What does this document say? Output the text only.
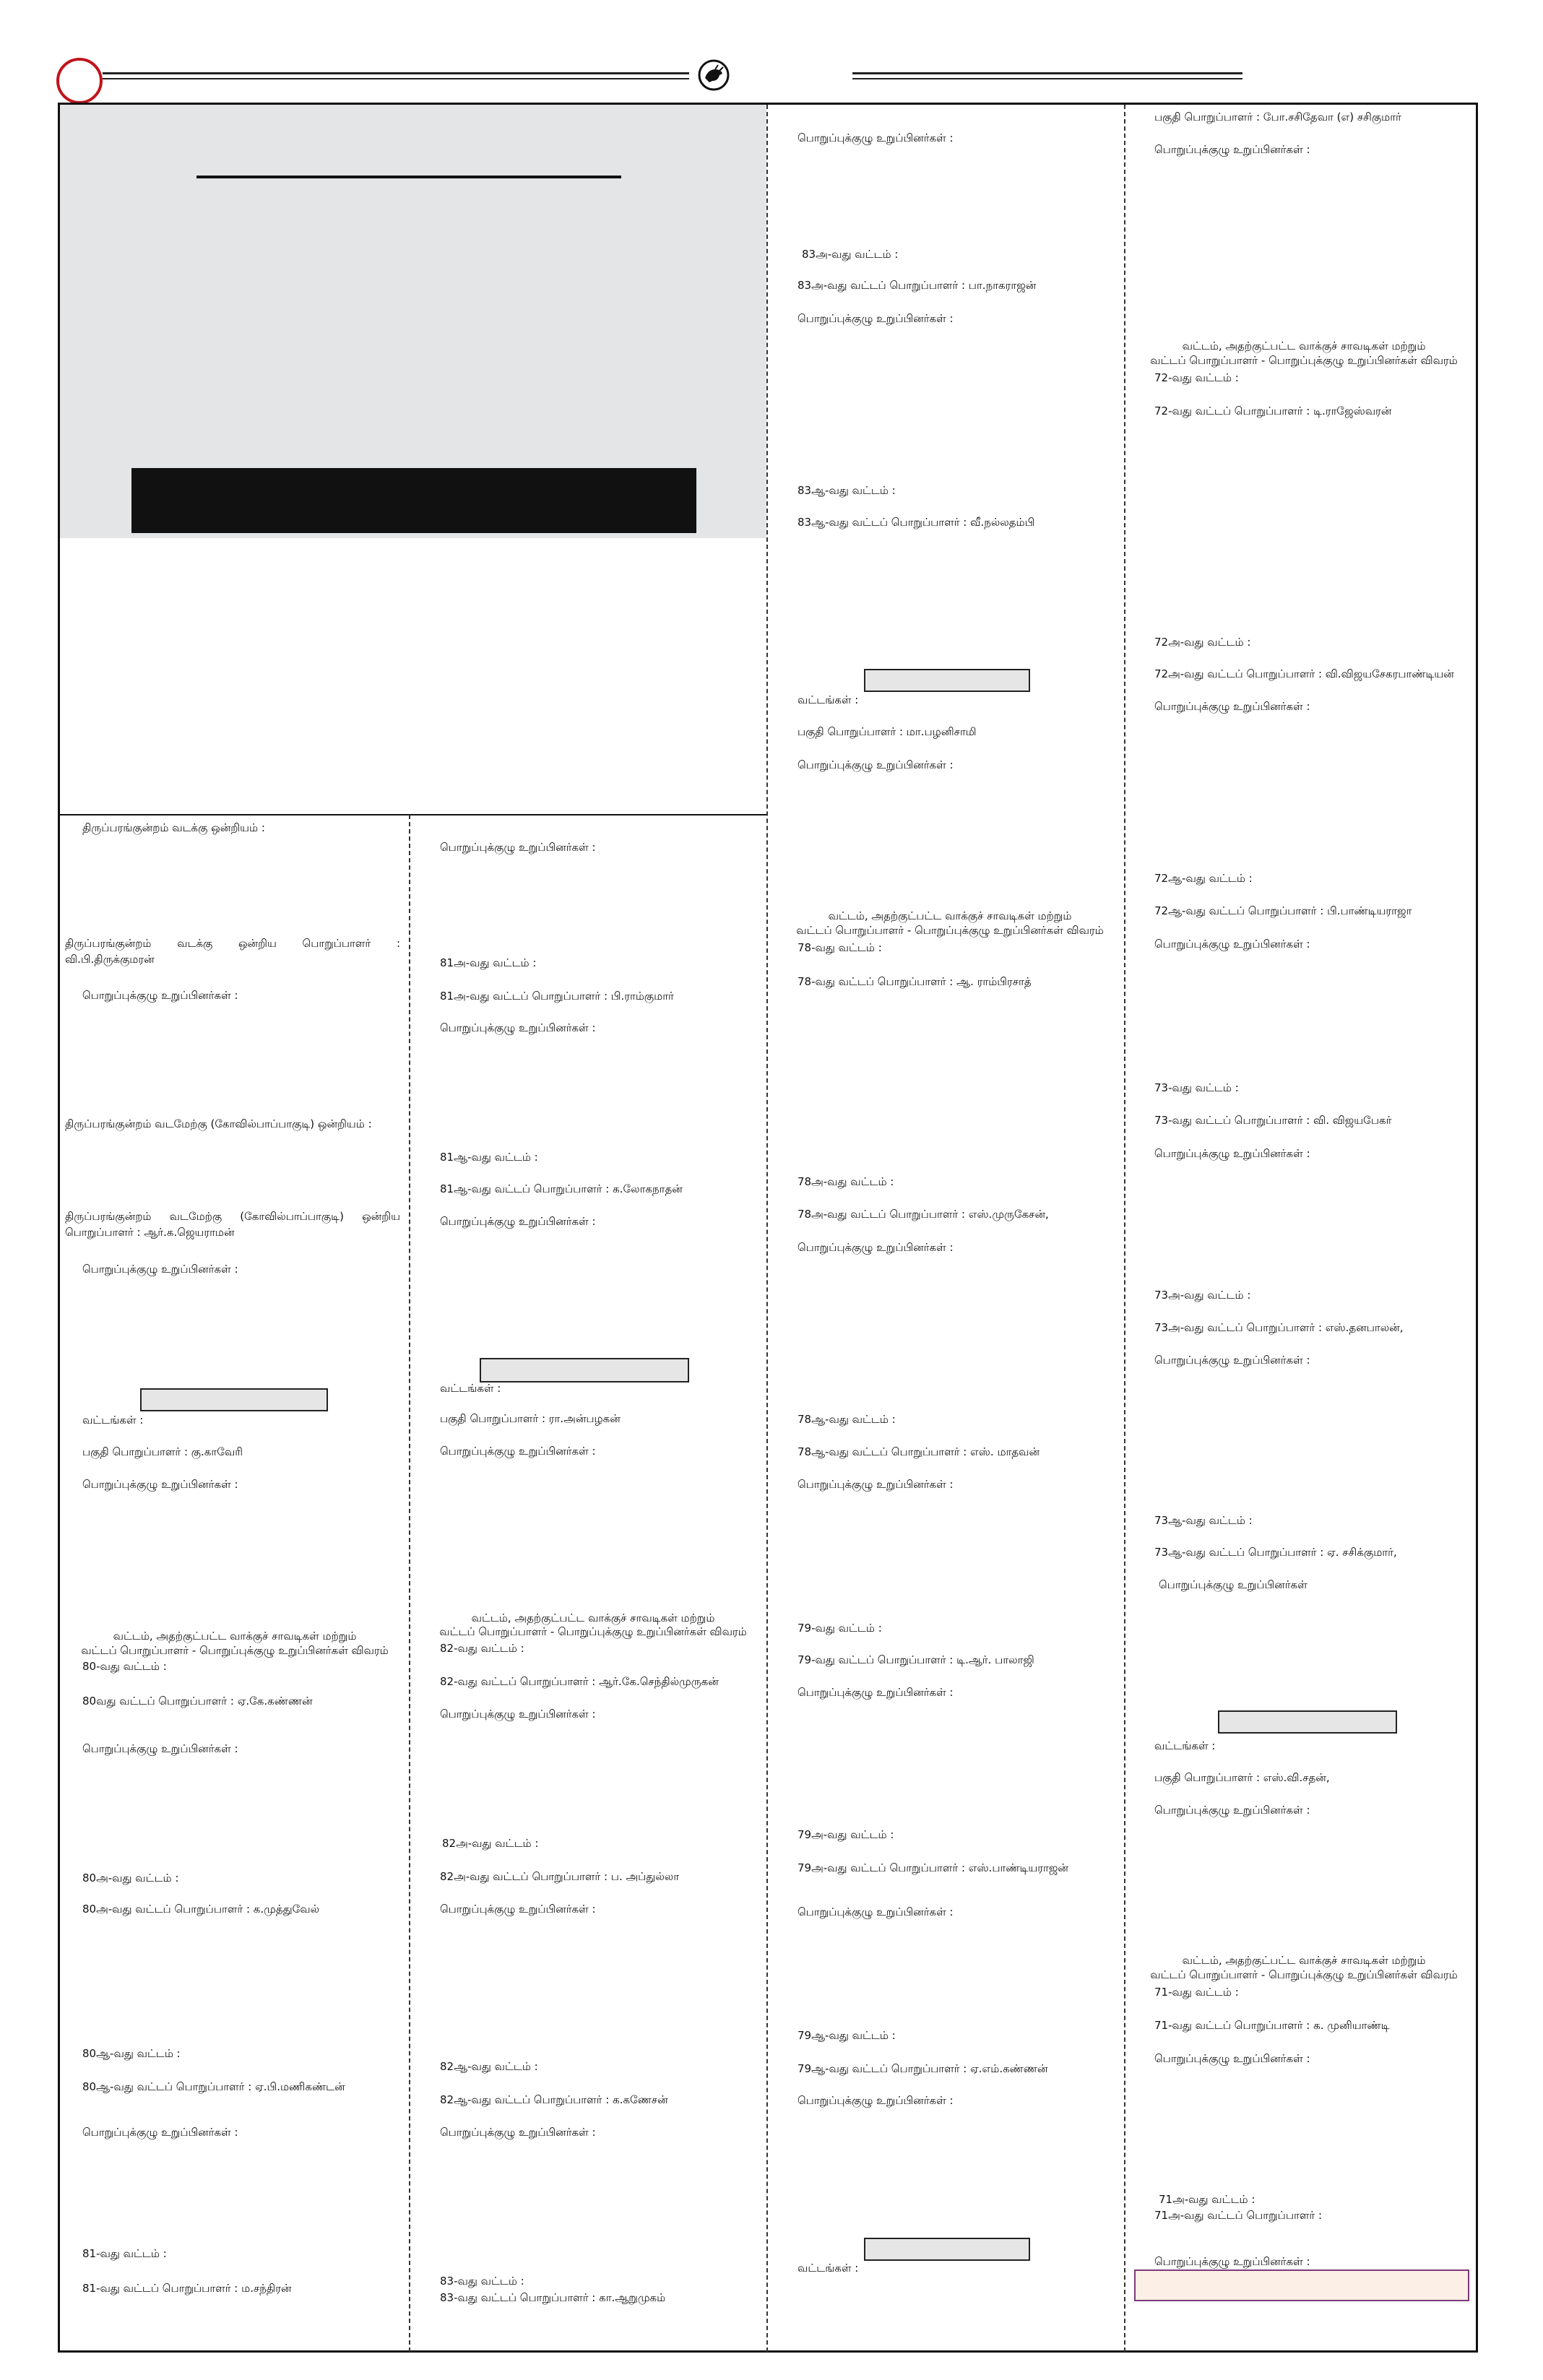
திருப்பரங்குன்றம் வடக்கு ஒன்றியம் :
திருப்பரங்குன்றம் வடக்கு ஒன்றிய பொறுப்பாளர் : வி.பி.திருக்குமரன்
பொறுப்புக்குழு உறுப்பினர்கள் :
திருப்பரங்குன்றம் வடமேற்கு (கோவில்பாப்பாகுடி) ஒன்றியம் :
திருப்பரங்குன்றம் வடமேற்கு (கோவில்பாப்பாகுடி) ஒன்றிய பொறுப்பாளர் : ஆர்.க.ஜெயராமன்
பொறுப்புக்குழு உறுப்பினர்கள் :
வட்டங்கள் :
பகுதி பொறுப்பாளர் : கு.காவேரி
பொறுப்புக்குழு உறுப்பினர்கள் :
வட்டம், அதற்குட்பட்ட வாக்குச் சாவடிகள் மற்றும்
வட்டப் பொறுப்பாளர் - பொறுப்புக்குழு உறுப்பினர்கள் விவரம்
80-வது வட்டம் :
80வது வட்டப் பொறுப்பாளர் : ஏ.கே.கண்ணன்
பொறுப்புக்குழு உறுப்பினர்கள் :
80அ-வது வட்டம் :
80அ-வது வட்டப் பொறுப்பாளர் : க.முத்துவேல்
80ஆ-வது வட்டம் :
80ஆ-வது வட்டப் பொறுப்பாளர் : ஏ.பி.மணிகண்டன்
பொறுப்புக்குழு உறுப்பினர்கள் :
81-வது வட்டம் :
81-வது வட்டப் பொறுப்பாளர் : ம.சந்திரன்
பொறுப்புக்குழு உறுப்பினர்கள் :
81அ-வது வட்டம் :
81அ-வது வட்டப் பொறுப்பாளர் : பி.ராம்குமார்
பொறுப்புக்குழு உறுப்பினர்கள் :
81ஆ-வது வட்டம் :
81ஆ-வது வட்டப் பொறுப்பாளர் : க.லோகநாதன்
பொறுப்புக்குழு உறுப்பினர்கள் :
வட்டங்கள் :
பகுதி பொறுப்பாளர் : ரா.அன்பழகன்
பொறுப்புக்குழு உறுப்பினர்கள் :
வட்டம், அதற்குட்பட்ட வாக்குச் சாவடிகள் மற்றும்
வட்டப் பொறுப்பாளர் - பொறுப்புக்குழு உறுப்பினர்கள் விவரம்
82-வது வட்டம் :
82-வது வட்டப் பொறுப்பாளர் : ஆர்.கே.செந்தில்முருகன்
பொறுப்புக்குழு உறுப்பினர்கள் :
82அ-வது வட்டம் :
82அ-வது வட்டப் பொறுப்பாளர் : ப. அப்துல்லா
பொறுப்புக்குழு உறுப்பினர்கள் :
82ஆ-வது வட்டம் :
82ஆ-வது வட்டப் பொறுப்பாளர் : க.கணேசன்
பொறுப்புக்குழு உறுப்பினர்கள் :
83-வது வட்டம் :
83-வது வட்டப் பொறுப்பாளர் : கா.ஆறுமுகம்
பொறுப்புக்குழு உறுப்பினர்கள் :
83அ-வது வட்டம் :
83அ-வது வட்டப் பொறுப்பாளர் : பா.நாகராஜன்
பொறுப்புக்குழு உறுப்பினர்கள் :
83ஆ-வது வட்டம் :
83ஆ-வது வட்டப் பொறுப்பாளர் : வீ.நல்லதம்பி
வட்டங்கள் :
பகுதி பொறுப்பாளர் : மா.பழனிசாமி
பொறுப்புக்குழு உறுப்பினர்கள் :
வட்டம், அதற்குட்பட்ட வாக்குச் சாவடிகள் மற்றும்
வட்டப் பொறுப்பாளர் - பொறுப்புக்குழு உறுப்பினர்கள் விவரம்
78-வது வட்டம் :
78-வது வட்டப் பொறுப்பாளர் : ஆ. ராம்பிரசாத்
78அ-வது வட்டம் :
78அ-வது வட்டப் பொறுப்பாளர் : எஸ்.முருகேசன்,
பொறுப்புக்குழு உறுப்பினர்கள் :
78ஆ-வது வட்டம் :
78ஆ-வது வட்டப் பொறுப்பாளர் : எஸ். மாதவன்
பொறுப்புக்குழு உறுப்பினர்கள் :
79-வது வட்டம் :
79-வது வட்டப் பொறுப்பாளர் : டி.ஆர். பாலாஜி
பொறுப்புக்குழு உறுப்பினர்கள் :
79அ-வது வட்டம் :
79அ-வது வட்டப் பொறுப்பாளர் : எஸ்.பாண்டியராஜன்
பொறுப்புக்குழு உறுப்பினர்கள் :
79ஆ-வது வட்டம் :
79ஆ-வது வட்டப் பொறுப்பாளர் : ஏ.எம்.கண்ணன்
பொறுப்புக்குழு உறுப்பினர்கள் :
வட்டங்கள் :
பகுதி பொறுப்பாளர் : போ.சசிதேவா (எ) சசிகுமார்
பொறுப்புக்குழு உறுப்பினர்கள் :
வட்டம், அதற்குட்பட்ட வாக்குச் சாவடிகள் மற்றும்
வட்டப் பொறுப்பாளர் - பொறுப்புக்குழு உறுப்பினர்கள் விவரம்
72-வது வட்டம் :
72-வது வட்டப் பொறுப்பாளர் : டி.ராஜேஸ்வரன்
72அ-வது வட்டம் :
72அ-வது வட்டப் பொறுப்பாளர் : வி.விஜயசேகரபாண்டியன்
பொறுப்புக்குழு உறுப்பினர்கள் :
72ஆ-வது வட்டம் :
72ஆ-வது வட்டப் பொறுப்பாளர் : பி.பாண்டியராஜா
பொறுப்புக்குழு உறுப்பினர்கள் :
73-வது வட்டம் :
73-வது வட்டப் பொறுப்பாளர் : வி. விஜயபேகர்
பொறுப்புக்குழு உறுப்பினர்கள் :
73அ-வது வட்டம் :
73அ-வது வட்டப் பொறுப்பாளர் : எஸ்.தனபாலன்,
பொறுப்புக்குழு உறுப்பினர்கள் :
73ஆ-வது வட்டம் :
73ஆ-வது வட்டப் பொறுப்பாளர் : ஏ. சசிக்குமார்,
பொறுப்புக்குழு உறுப்பினர்கள்
வட்டங்கள் :
பகுதி பொறுப்பாளர் : எஸ்.வி.சதன்,
பொறுப்புக்குழு உறுப்பினர்கள் :
வட்டம், அதற்குட்பட்ட வாக்குச் சாவடிகள் மற்றும்
வட்டப் பொறுப்பாளர் - பொறுப்புக்குழு உறுப்பினர்கள் விவரம்
71-வது வட்டம் :
71-வது வட்டப் பொறுப்பாளர் : க. முனியாண்டி
பொறுப்புக்குழு உறுப்பினர்கள் :
71அ-வது வட்டம் :
71அ-வது வட்டப் பொறுப்பாளர் :
பொறுப்புக்குழு உறுப்பினர்கள் :
